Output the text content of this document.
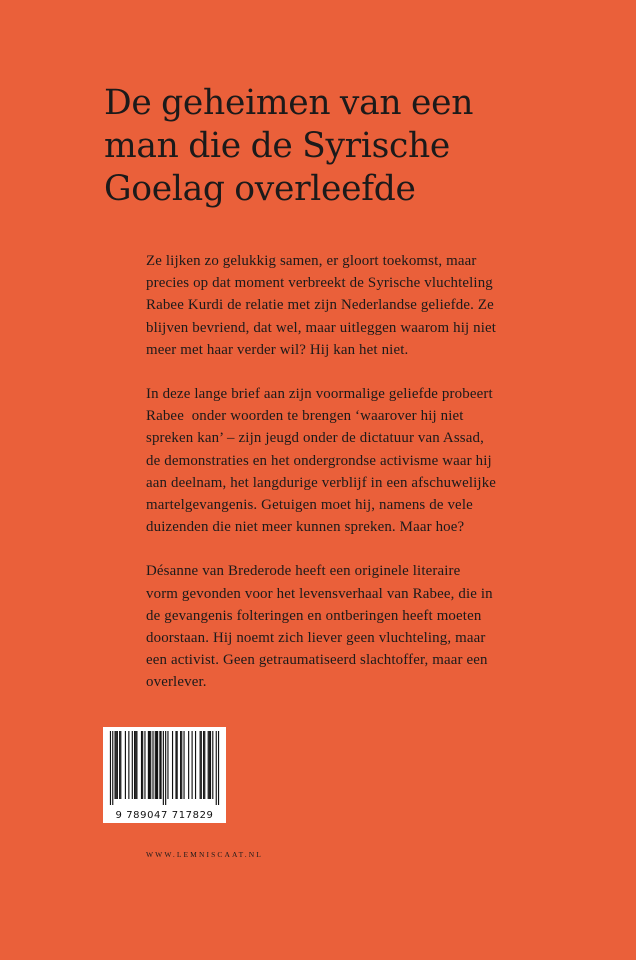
De geheimen van een
man die de Syrische
Goelag overleefde

Ze lijken zo gelukkig samen, er gloort toekomst, maar
precies op dat moment verbreekt de Syrische vluchteling
Rabee Kurdi de relatie met zijn Nederlandse geliefde. Ze
blijven bevriend, dat wel, maar uitleggen waarom hij niet
meer met haar verder wil? Hij kan het niet.

In deze lange brief aan zijn voormalige geliefde probeert
Rabee  onder woorden te brengen ‘waarover hij niet
spreken kan’ – zijn jeugd onder de dictatuur van Assad,
de demonstraties en het ondergrondse activisme waar hij
aan deelnam, het langdurige verblijf in een afschuwelijke
martelgevangenis. Getuigen moet hij, namens de vele
duizenden die niet meer kunnen spreken. Maar hoe?

Désanne van Brederode heeft een originele literaire
vorm gevonden voor het levensverhaal van Rabee, die in
de gevangenis folteringen en ontberingen heeft moeten
doorstaan. Hij noemt zich liever geen vluchteling, maar
een activist. Geen getraumatiseerd slachtoffer, maar een
overlever.

9 789047 717829
WWW.LEMNISCAAT.NL
